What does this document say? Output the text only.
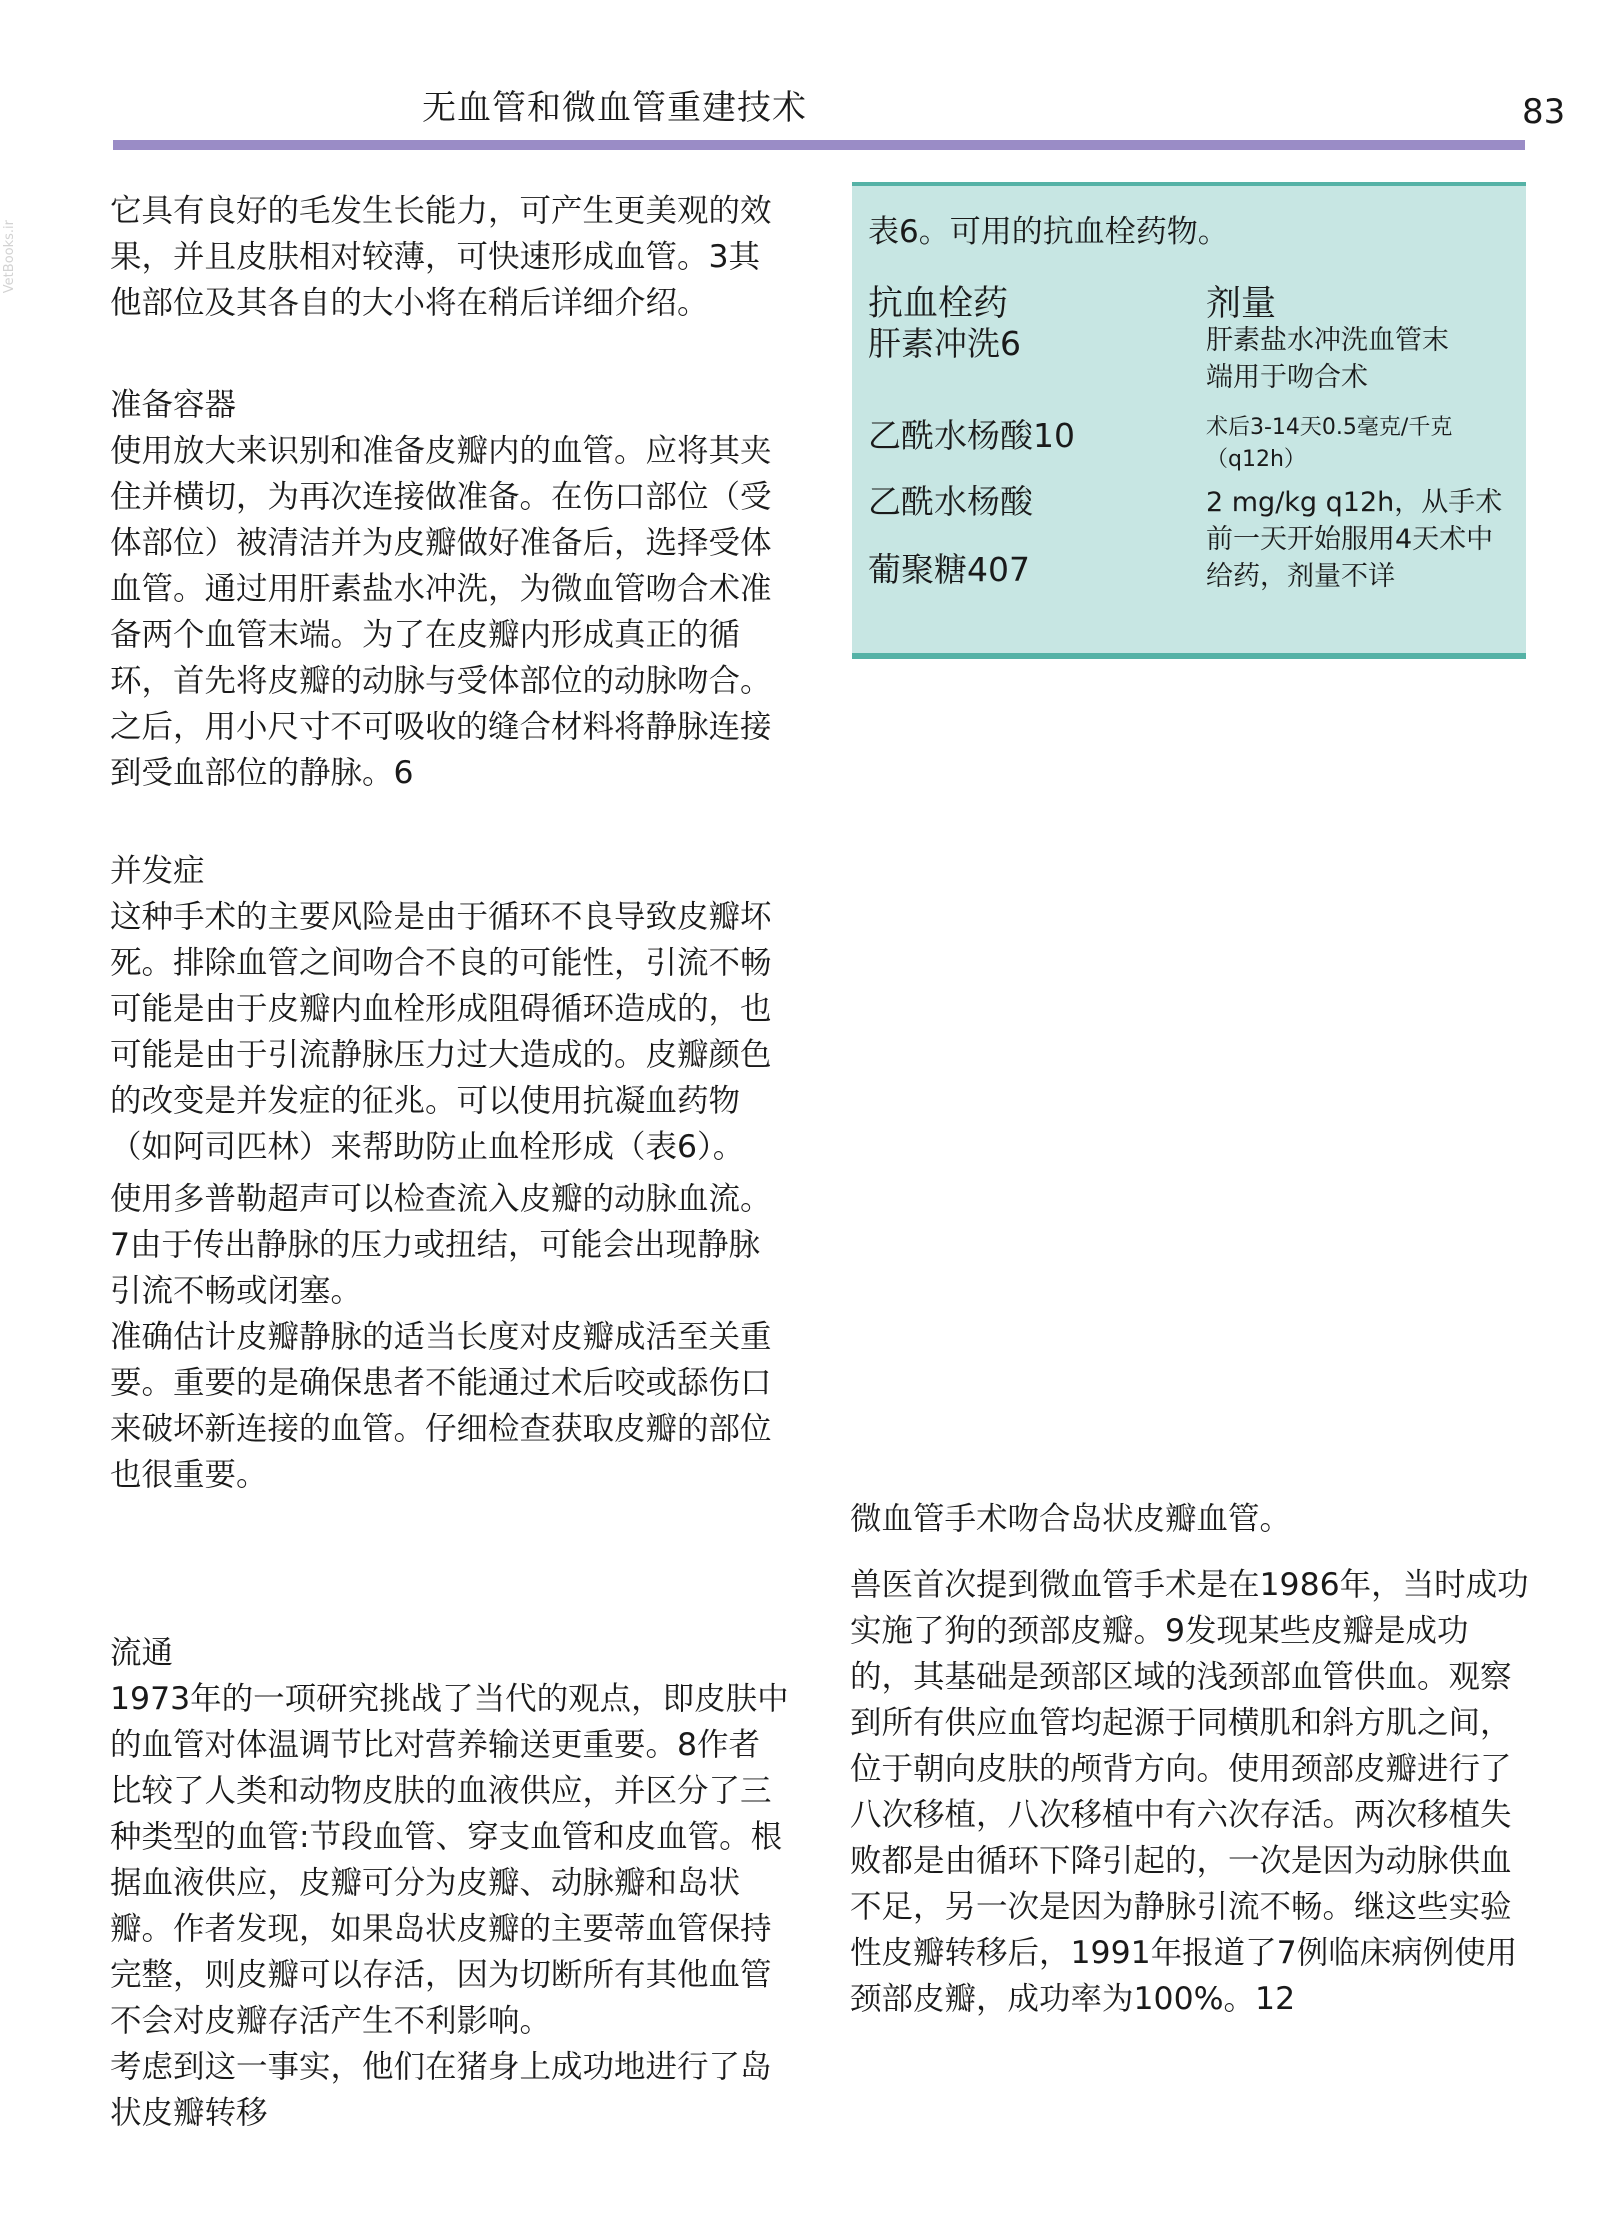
无血管和微血管重建技术	83
VetBooks.ir

它具有良好的毛发生长能力，可产生更美观的效果，并且皮肤相对较薄，可快速形成血管。3其他部位及其各自的大小将在稍后详细介绍。

准备容器

使用放大来识别和准备皮瓣内的血管。应将其夹住并横切，为再次连接做准备。在伤口部位（受体部位）被清洁并为皮瓣做好准备后，选择受体血管。通过用肝素盐水冲洗，为微血管吻合术准备两个血管末端。为了在皮瓣内形成真正的循环，首先将皮瓣的动脉与受体部位的动脉吻合。之后，用小尺寸不可吸收的缝合材料将静脉连接到受血部位的静脉。6

并发症

这种手术的主要风险是由于循环不良导致皮瓣坏死。排除血管之间吻合不良的可能性，引流不畅可能是由于皮瓣内血栓形成阻碍循环造成的，也可能是由于引流静脉压力过大造成的。皮瓣颜色的改变是并发症的征兆。可以使用抗凝血药物（如阿司匹林）来帮助防止血栓形成（表6）。

使用多普勒超声可以检查流入皮瓣的动脉血流。7由于传出静脉的压力或扭结，可能会出现静脉引流不畅或闭塞。

准确估计皮瓣静脉的适当长度对皮瓣成活至关重要。重要的是确保患者不能通过术后咬或舔伤口来破坏新连接的血管。仔细检查获取皮瓣的部位也很重要。

流通

1973年的一项研究挑战了当代的观点，即皮肤中的血管对体温调节比对营养输送更重要。8作者比较了人类和动物皮肤的血液供应，并区分了三种类型的血管:节段血管、穿支血管和皮血管。根据血液供应，皮瓣可分为皮瓣、动脉瓣和岛状瓣。作者发现，如果岛状皮瓣的主要蒂血管保持完整，则皮瓣可以存活，因为切断所有其他血管不会对皮瓣存活产生不利影响。

考虑到这一事实，他们在猪身上成功地进行了岛状皮瓣转移

表6。可用的抗血栓药物。
抗血栓药	剂量
肝素冲洗6	肝素盐水冲洗血管末端用于吻合术
乙酰水杨酸10	术后3-14天0.5毫克/千克（q12h）
乙酰水杨酸	2 mg/kg q12h，从手术前一天开始服用4天术中给药，剂量不详
葡聚糖407

微血管手术吻合岛状皮瓣血管。

兽医首次提到微血管手术是在1986年，当时成功实施了狗的颈部皮瓣。9发现某些皮瓣是成功的，其基础是颈部区域的浅颈部血管供血。观察到所有供应血管均起源于同横肌和斜方肌之间，位于朝向皮肤的颅背方向。使用颈部皮瓣进行了八次移植，八次移植中有六次存活。两次移植失败都是由循环下降引起的，一次是因为动脉供血不足，另一次是因为静脉引流不畅。继这些实验性皮瓣转移后，1991年报道了7例临床病例使用颈部皮瓣，成功率为100%。12
